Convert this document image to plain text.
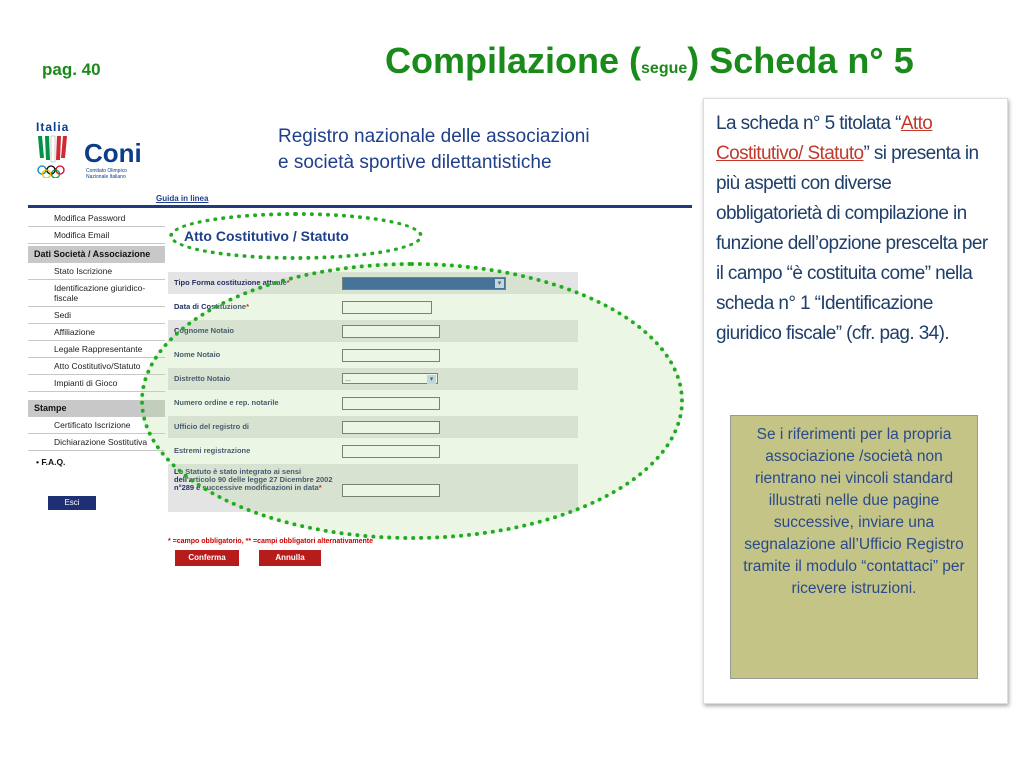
pag. 40	Compilazione (segue) Scheda n° 5
Italia
Coni
Comitato Olimpico Nazionale Italiano
Registro nazionale delle associazioni
e società sportive dilettantistiche
Guida in linea
Modifica Password
Modifica Email
Dati Società / Associazione
Stato Iscrizione
Identificazione giuridico-fiscale
Sedi
Affiliazione
Legale Rappresentante
Atto Costitutivo/Statuto
Impianti di Gioco
Stampe
Certificato Iscrizione
Dichiarazione Sostitutiva
• F.A.Q.
Esci
Atto Costitutivo / Statuto
Tipo Forma costituzione attuale*	▾
Data di Costituzione*
Cognome Notaio
Nome Notaio
Distretto Notaio	...	▾
Numero ordine e rep. notarile
Ufficio del registro di
Estremi registrazione
Lo Statuto è stato integrato ai sensi dell'articolo 90 delle legge 27 Dicembre 2002 n°289 e successive modificazioni in data*
* =campo obbligatorio, ** =campi obbligatori alternativamente
Conferma	Annulla
La scheda n° 5 titolata “Atto Costitutivo/ Statuto” si presenta in più aspetti con diverse obbligatorietà di compilazione in funzione dell’opzione prescelta per il campo “è costituita come” nella scheda n° 1 “Identificazione giuridico fiscale” (cfr. pag. 34).
Se i riferimenti per la propria associazione /società non rientrano nei vincoli standard illustrati nelle due pagine successive, inviare una segnalazione all’Ufficio Registro tramite il modulo “contattaci” per ricevere istruzioni.
